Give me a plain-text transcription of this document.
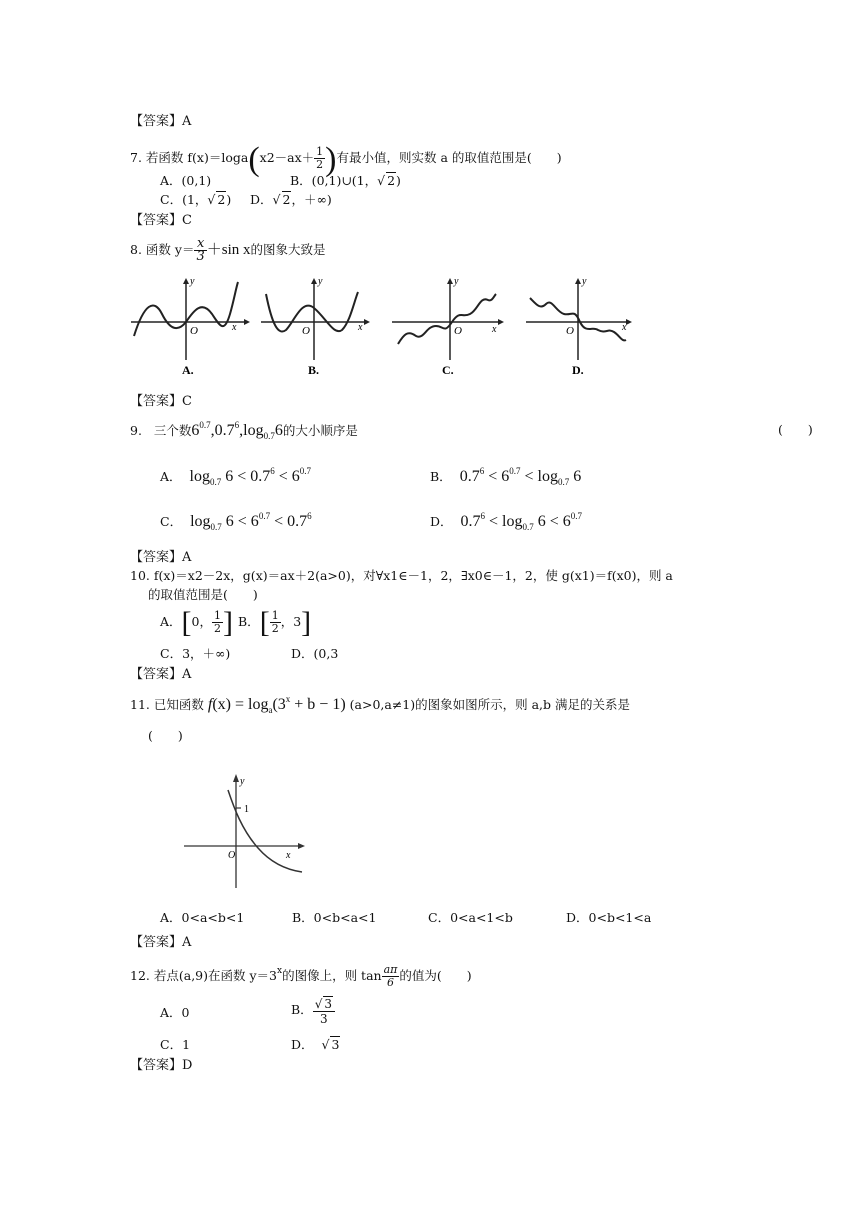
【答案】A
7. 若函数 $f(x)=\log a(x2-ax+ \frac{1}{2}$ )有最小值，则实数 a 的取值范围是(　　)
A．(0,1)	B．(0,1)∪(1，√ 2)
C．(1，√ 2) D．√ 2，＋∞)
【答案】C
8. 函数 $y= \frac{x}{3} +\sin$ x的图象大致是
y
O	x
A.
y
O	x
B.
y
O	x
C.
y
O	x
D.
【答案】C
9. 三个数$6^{0.7},0.7^6,\log_{0.7}6$的大小顺序是	(　　)
A． $\log_{0.7} 6 < 0.7^6 < 6^{0.7}$	B． $0.7^6 < 6^{0.7} < \log_{0.7} 6$
C． $\log_{0.7} 6 < 6^{0.7} < 0.7^6$	D． $0.7^6 < \log_{0.7} 6 < 6^{0.7}$
【答案】A
10. f(x)＝x2－2x，g(x)＝ax＋2(a>0)，对∀x1∈－1，2，∃x0∈－1，2，使 g(x1)＝f(x0)，则 a
的取值范围是(　　)
A．[0， $\frac{1}{2}$ ] B．[ $\frac{1}{2}$ ，3]
C．3，＋∞)	D．(0,3
【答案】A
11. 已知函数 $f(x) = \log_a(3^x + b - 1)$ (a>0,a≠1)的图象如图所示，则 a,b 满足的关系是
(　　)
y
1
O	x
A．0<a<b<1	B．0<b<a<1	C．0<a<1<b	D．0<b<1<a
【答案】A
12. 若点(a,9)在函数 $y=3^x$的图像上，则 $\tan \frac{a\pi}{6}$ 的值为(　　)
A．0	B． $\frac{√ 3}{3}$
C．1	D．  √ 3
【答案】D
